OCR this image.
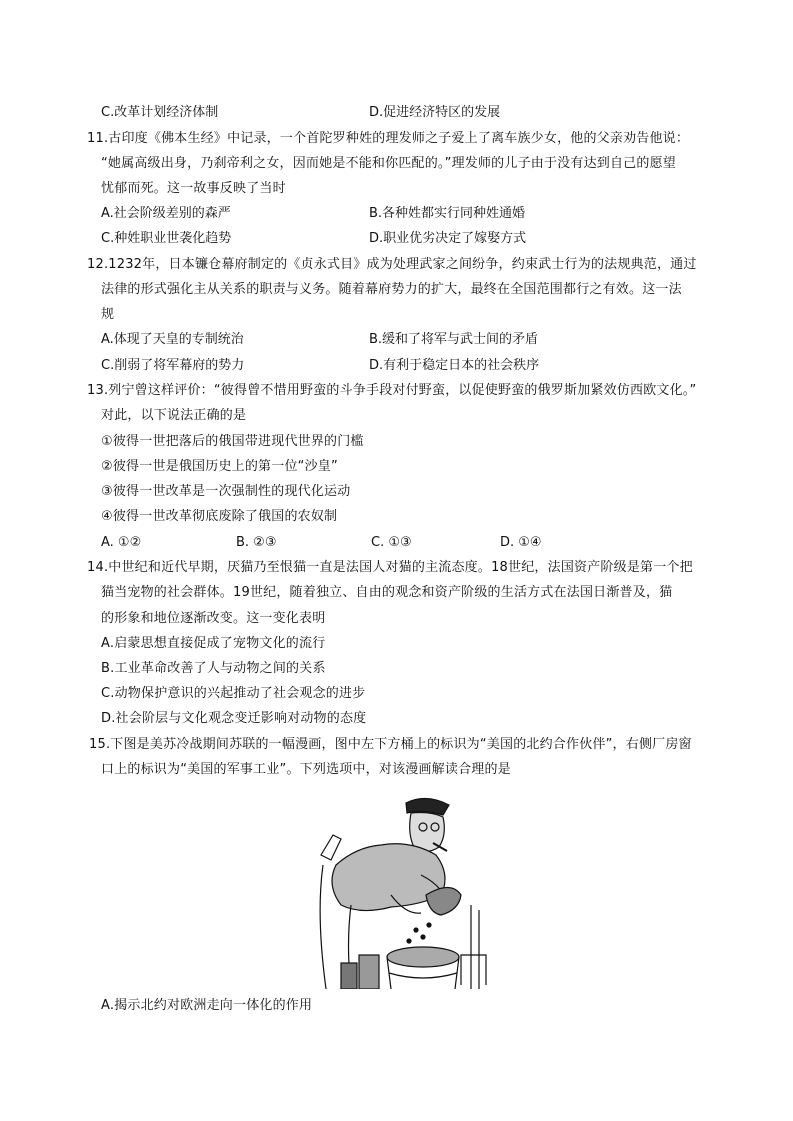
C.改革计划经济体制	D.促进经济特区的发展
11.古印度《佛本生经》中记录，一个首陀罗种姓的理发师之子爱上了离车族少女，他的父亲劝告他说：
“她属高级出身，乃刹帝利之女，因而她是不能和你匹配的。”理发师的儿子由于没有达到自己的愿望
忧郁而死。这一故事反映了当时
A.社会阶级差别的森严	B.各种姓都实行同种姓通婚
C.种姓职业世袭化趋势	D.职业优劣决定了嫁娶方式
12.1232年，日本镰仓幕府制定的《贞永式目》成为处理武家之间纷争，约束武士行为的法规典范，通过
法律的形式强化主从关系的职责与义务。随着幕府势力的扩大，最终在全国范围都行之有效。这一法
规
A.体现了天皇的专制统治	B.缓和了将军与武士间的矛盾
C.削弱了将军幕府的势力	D.有利于稳定日本的社会秩序
13.列宁曾这样评价：“彼得曾不惜用野蛮的斗争手段对付野蛮，以促使野蛮的俄罗斯加紧效仿西欧文化。”
对此，以下说法正确的是
①彼得一世把落后的俄国带进现代世界的门槛
②彼得一世是俄国历史上的第一位“沙皇”
③彼得一世改革是一次强制性的现代化运动
④彼得一世改革彻底废除了俄国的农奴制
A. ①②	B. ②③	C. ①③	D. ①④
14.中世纪和近代早期，厌猫乃至恨猫一直是法国人对猫的主流态度。18世纪，法国资产阶级是第一个把
猫当宠物的社会群体。19世纪，随着独立、自由的观念和资产阶级的生活方式在法国日渐普及，猫
的形象和地位逐渐改变。这一变化表明
A.启蒙思想直接促成了宠物文化的流行
B.工业革命改善了人与动物之间的关系
C.动物保护意识的兴起推动了社会观念的进步
D.社会阶层与文化观念变迁影响对动物的态度
15.下图是美苏冷战期间苏联的一幅漫画，图中左下方桶上的标识为“美国的北约合作伙伴”，右侧厂房窗
口上的标识为“美国的军事工业”。下列选项中，对该漫画解读合理的是
A.揭示北约对欧洲走向一体化的作用
